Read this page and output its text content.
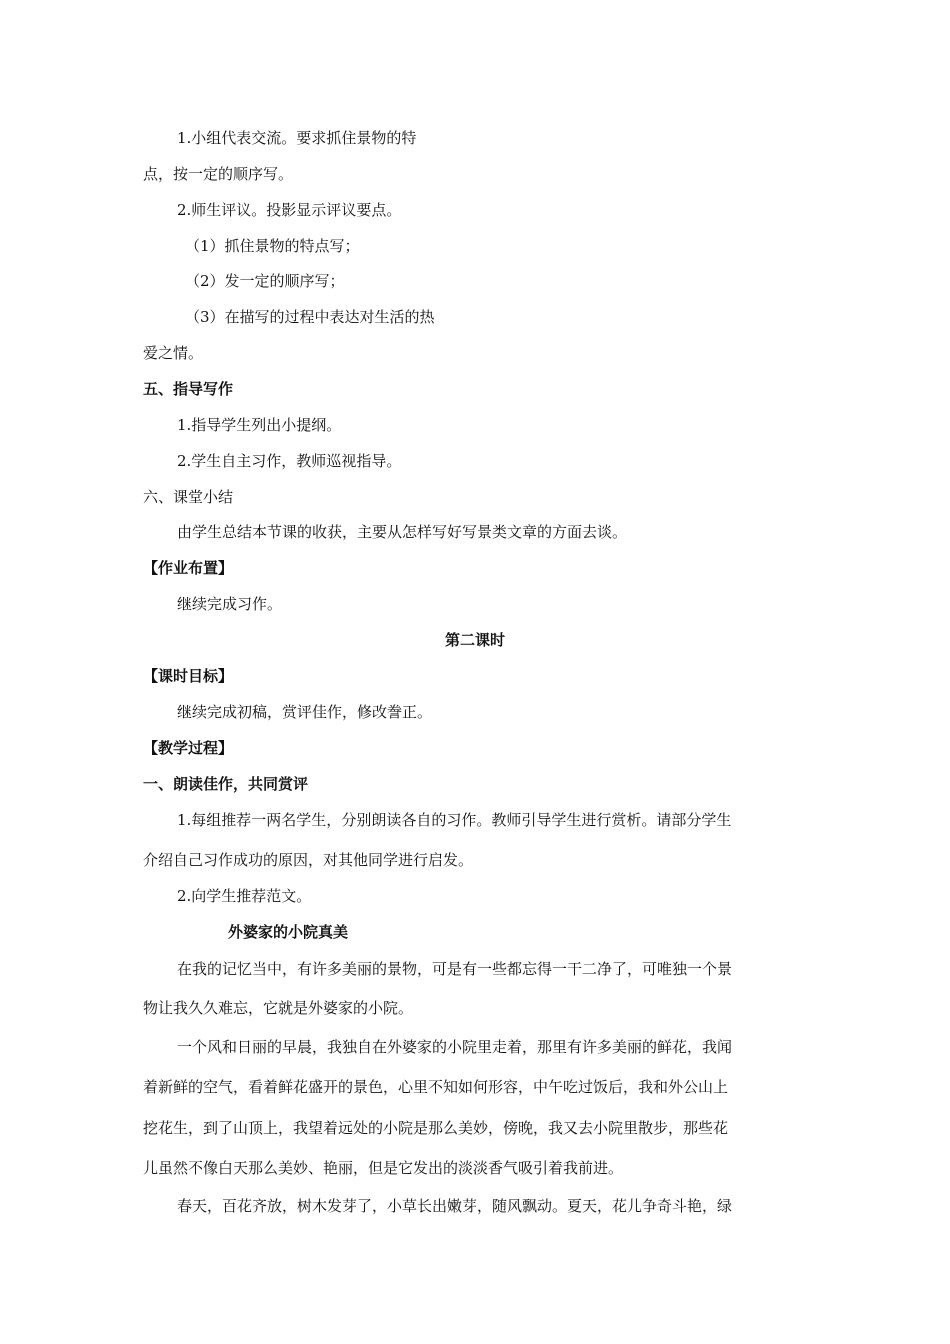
1.小组代表交流。要求抓住景物的特
点，按一定的顺序写。
2.师生评议。投影显示评议要点。
（1）抓住景物的特点写；
（2）发一定的顺序写；
（3）在描写的过程中表达对生活的热
爱之情。
五、指导写作
1.指导学生列出小提纲。
2.学生自主习作，教师巡视指导。
六、课堂小结
由学生总结本节课的收获，主要从怎样写好写景类文章的方面去谈。
【作业布置】
继续完成习作。
第二课时
【课时目标】
继续完成初稿，赏评佳作，修改誊正。
【教学过程】
一、朗读佳作，共同赏评
1.每组推荐一两名学生，分别朗读各自的习作。教师引导学生进行赏析。请部分学生
介绍自己习作成功的原因，对其他同学进行启发。
2.向学生推荐范文。
外婆家的小院真美
在我的记忆当中，有许多美丽的景物，可是有一些都忘得一干二净了，可唯独一个景
物让我久久难忘，它就是外婆家的小院。
一个风和日丽的早晨，我独自在外婆家的小院里走着，那里有许多美丽的鲜花，我闻
着新鲜的空气，看着鲜花盛开的景色，心里不知如何形容，中午吃过饭后，我和外公山上
挖花生，到了山顶上，我望着远处的小院是那么美妙，傍晚，我又去小院里散步，那些花
儿虽然不像白天那么美妙、艳丽，但是它发出的淡淡香气吸引着我前进。
春天，百花齐放，树木发芽了，小草长出嫩芽，随风飘动。夏天，花儿争奇斗艳，绿
